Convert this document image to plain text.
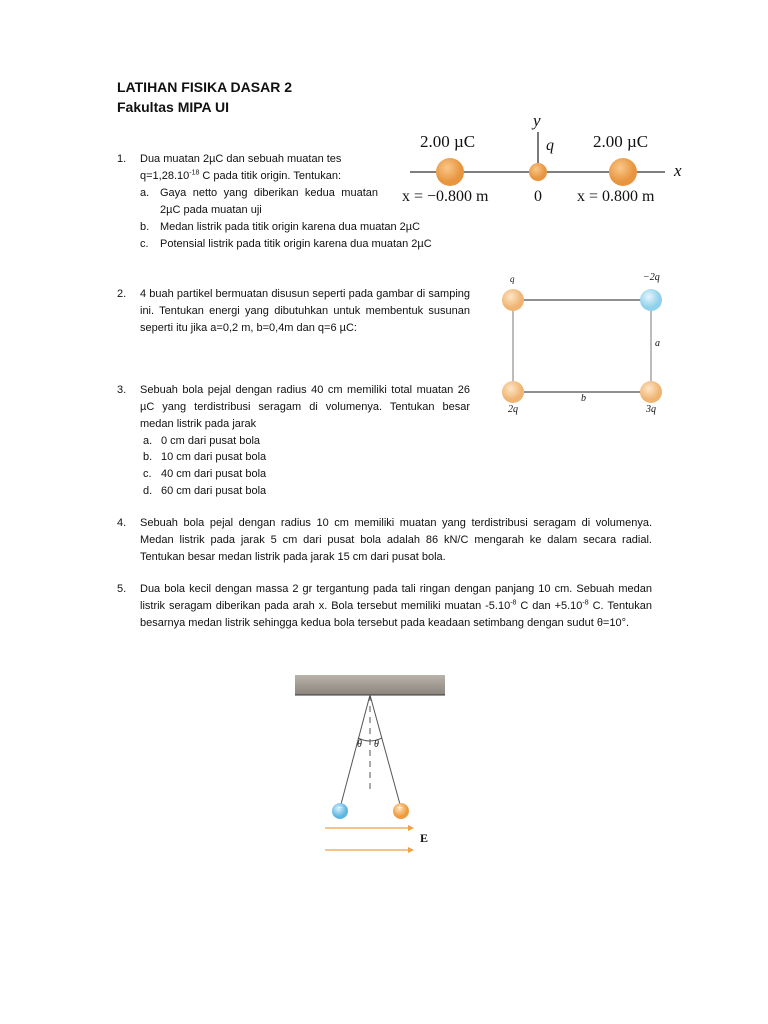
LATIHAN FISIKA DASAR 2
Fakultas MIPA UI
1. Dua muatan 2µC dan sebuah muatan tes
$q=1,28.10^{-18}$ C pada titik origin. Tentukan:
a. Gaya netto yang diberikan kedua muatan 2µC pada muatan uji
b. Medan listrik pada titik origin karena dua muatan 2µC
c. Potensial listrik pada titik origin karena dua muatan 2µC
y
2.00 µC	q 2.00 µC
x
x = −0.800 m	0 x = 0.800 m
2. 4 buah partikel bermuatan disusun seperti pada gambar di samping ini. Tentukan energi yang dibutuhkan untuk membentuk susunan seperti itu jika a=0,2 m, b=0,4m dan q=6 µC:
q	−2q
2q	3q
a
b
3. Sebuah bola pejal dengan radius 40 cm memiliki total muatan 26 µC yang terdistribusi seragam di volumenya. Tentukan besar medan listrik pada jarak
a. 0 cm dari pusat bola
b. 10 cm dari pusat bola
c. 40 cm dari pusat bola
d. 60 cm dari pusat bola
4. Sebuah bola pejal dengan radius 10 cm memiliki muatan yang terdistribusi seragam di volumenya. Medan listrik pada jarak 5 cm dari pusat bola adalah 86 kN/C mengarah ke dalam secara radial. Tentukan besar medan listrik pada jarak 15 cm dari pusat bola.
5. Dua bola kecil dengan massa 2 gr tergantung pada tali ringan dengan panjang 10 cm. Sebuah medan listrik seragam diberikan pada arah x. Bola tersebut memiliki muatan $-5.10^{-8}$ C dan $+5.10^{-8}$ C. Tentukan besarnya medan listrik sehingga kedua bola tersebut pada keadaan setimbang dengan sudut θ=10°.
θ θ
−	+
E
